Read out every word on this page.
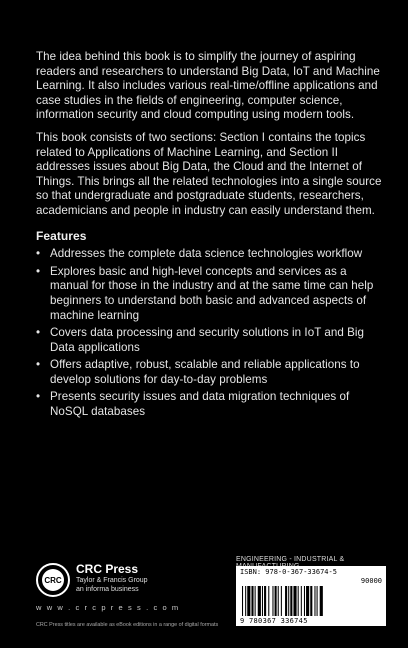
The idea behind this book is to simplify the journey of aspiring readers and researchers to understand Big Data, IoT and Machine Learning. It also includes various real-time/offline applications and case studies in the fields of engineering, computer science, information security and cloud computing using modern tools.

This book consists of two sections: Section I contains the topics related to Applications of Machine Learning, and Section II addresses issues about Big Data, the Cloud and the Internet of Things. This brings all the related technologies into a single source so that undergraduate and postgraduate students, researchers, academicians and people in industry can easily understand them.

Features
• Addresses the complete data science technologies workflow
• Explores basic and high-level concepts and services as a manual for those in the industry and at the same time can help beginners to understand both basic and advanced aspects of machine learning
• Covers data processing and security solutions in IoT and Big Data applications
• Offers adaptive, robust, scalable and reliable applications to develop solutions for day-to-day problems
• Presents security issues and data migration techniques of NoSQL databases
CRC
CRC Press
Taylor & Francis Group
an informa business
w w w . c r c p r e s s . c o m
CRC Press titles are available as eBook editions in a range of digital formats
ENGINEERING - INDUSTRIAL &
ISBN: 978-0-367-33674-5
90000
9 780367 336745
